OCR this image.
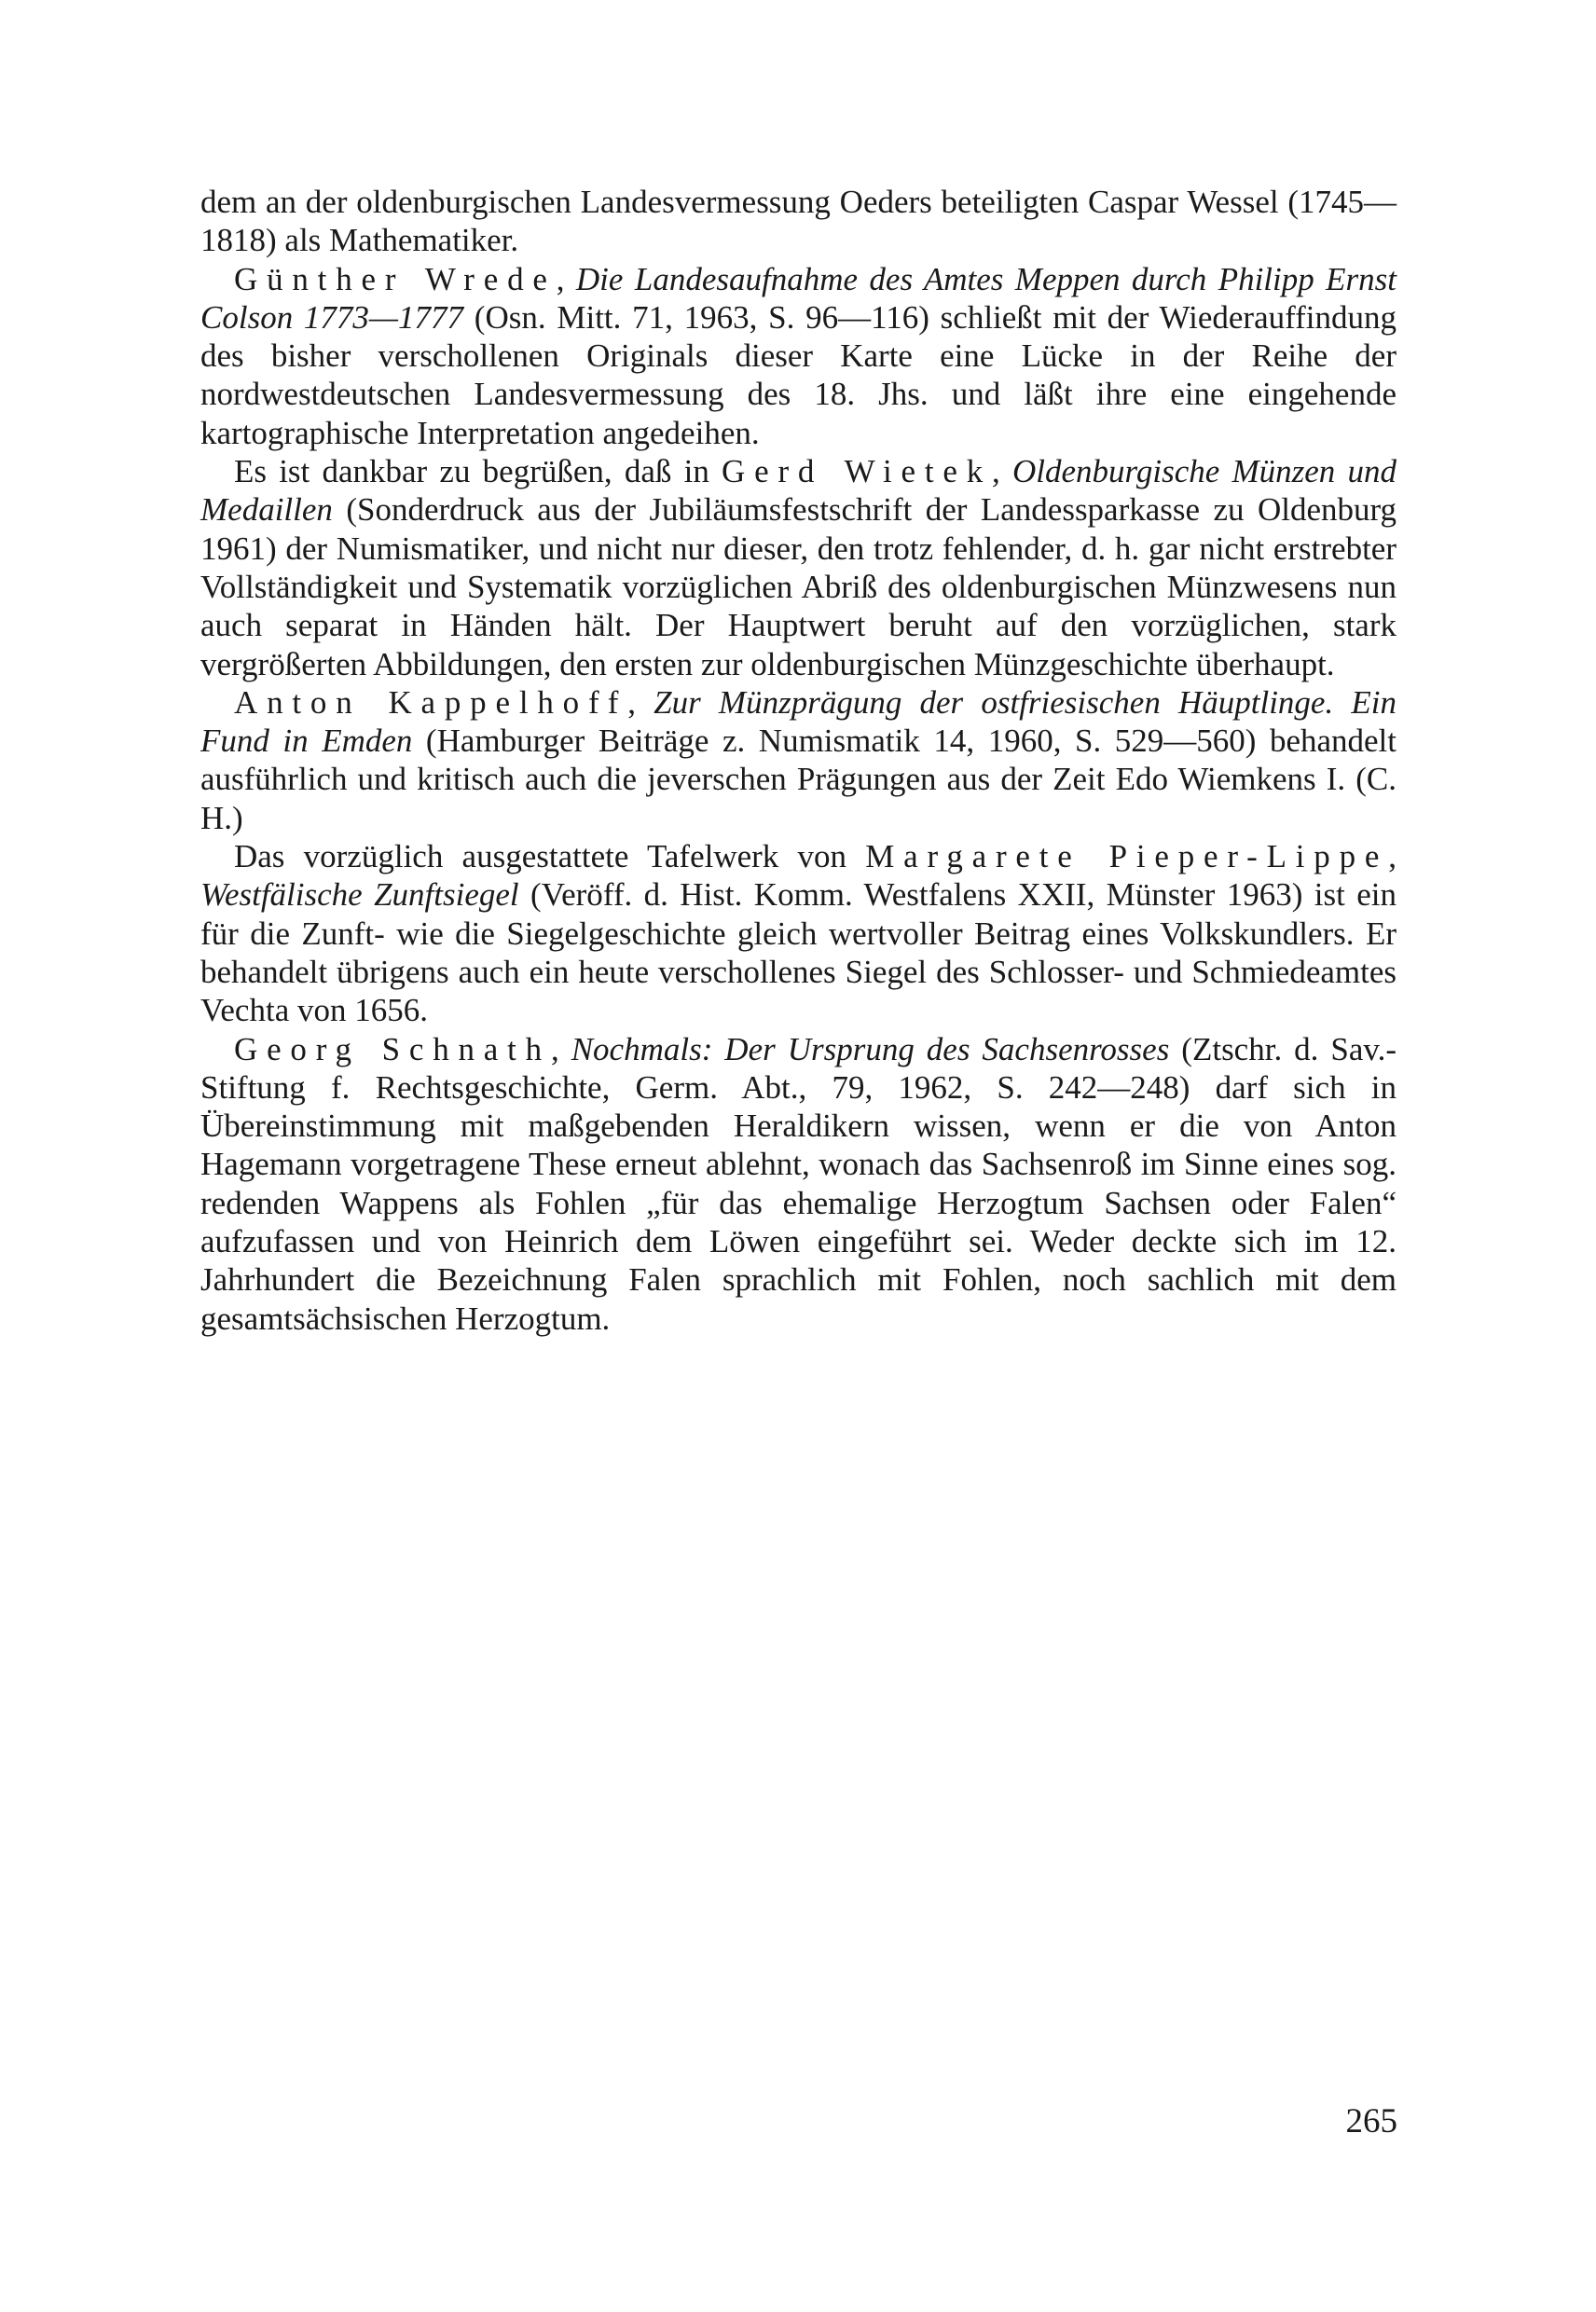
dem an der oldenburgischen Landesvermessung Oeders beteiligten Caspar Wessel (1745—1818) als Mathematiker.

Günther Wrede, Die Landesaufnahme des Amtes Meppen durch Philipp Ernst Colson 1773—1777 (Osn. Mitt. 71, 1963, S. 96—116) schließt mit der Wiederauffindung des bisher verschollenen Originals dieser Karte eine Lücke in der Reihe der nordwestdeutschen Landesvermessung des 18. Jhs. und läßt ihre eine eingehende kartographische Interpretation angedeihen.

Es ist dankbar zu begrüßen, daß in Gerd Wietek, Oldenburgische Münzen und Medaillen (Sonderdruck aus der Jubiläumsfestschrift der Landessparkasse zu Oldenburg 1961) der Numismatiker, und nicht nur dieser, den trotz fehlender, d. h. gar nicht erstrebter Vollständigkeit und Systematik vorzüglichen Abriß des oldenburgischen Münzwesens nun auch separat in Händen hält. Der Hauptwert beruht auf den vorzüglichen, stark vergrößerten Abbildungen, den ersten zur oldenburgischen Münzgeschichte überhaupt.

Anton Kappelhoff, Zur Münzprägung der ostfriesischen Häuptlinge. Ein Fund in Emden (Hamburger Beiträge z. Numismatik 14, 1960, S. 529—560) behandelt ausführlich und kritisch auch die jeverschen Prägungen aus der Zeit Edo Wiemkens I. (C. H.)

Das vorzüglich ausgestattete Tafelwerk von Margarete Pieper-Lippe, Westfälische Zunftsiegel (Veröff. d. Hist. Komm. Westfalens XXII, Münster 1963) ist ein für die Zunft- wie die Siegelgeschichte gleich wertvoller Beitrag eines Volkskundlers. Er behandelt übrigens auch ein heute verschollenes Siegel des Schlosser- und Schmiedeamtes Vechta von 1656.

Georg Schnath, Nochmals: Der Ursprung des Sachsenrosses (Ztschr. d. Sav.-Stiftung f. Rechtsgeschichte, Germ. Abt., 79, 1962, S. 242—248) darf sich in Übereinstimmung mit maßgebenden Heraldikern wissen, wenn er die von Anton Hagemann vorgetragene These erneut ablehnt, wonach das Sachsenroß im Sinne eines sog. redenden Wappens als Fohlen „für das ehemalige Herzogtum Sachsen oder Falen“ aufzufassen und von Heinrich dem Löwen eingeführt sei. Weder deckte sich im 12. Jahrhundert die Bezeichnung Falen sprachlich mit Fohlen, noch sachlich mit dem gesamtsächsischen Herzogtum.

265
